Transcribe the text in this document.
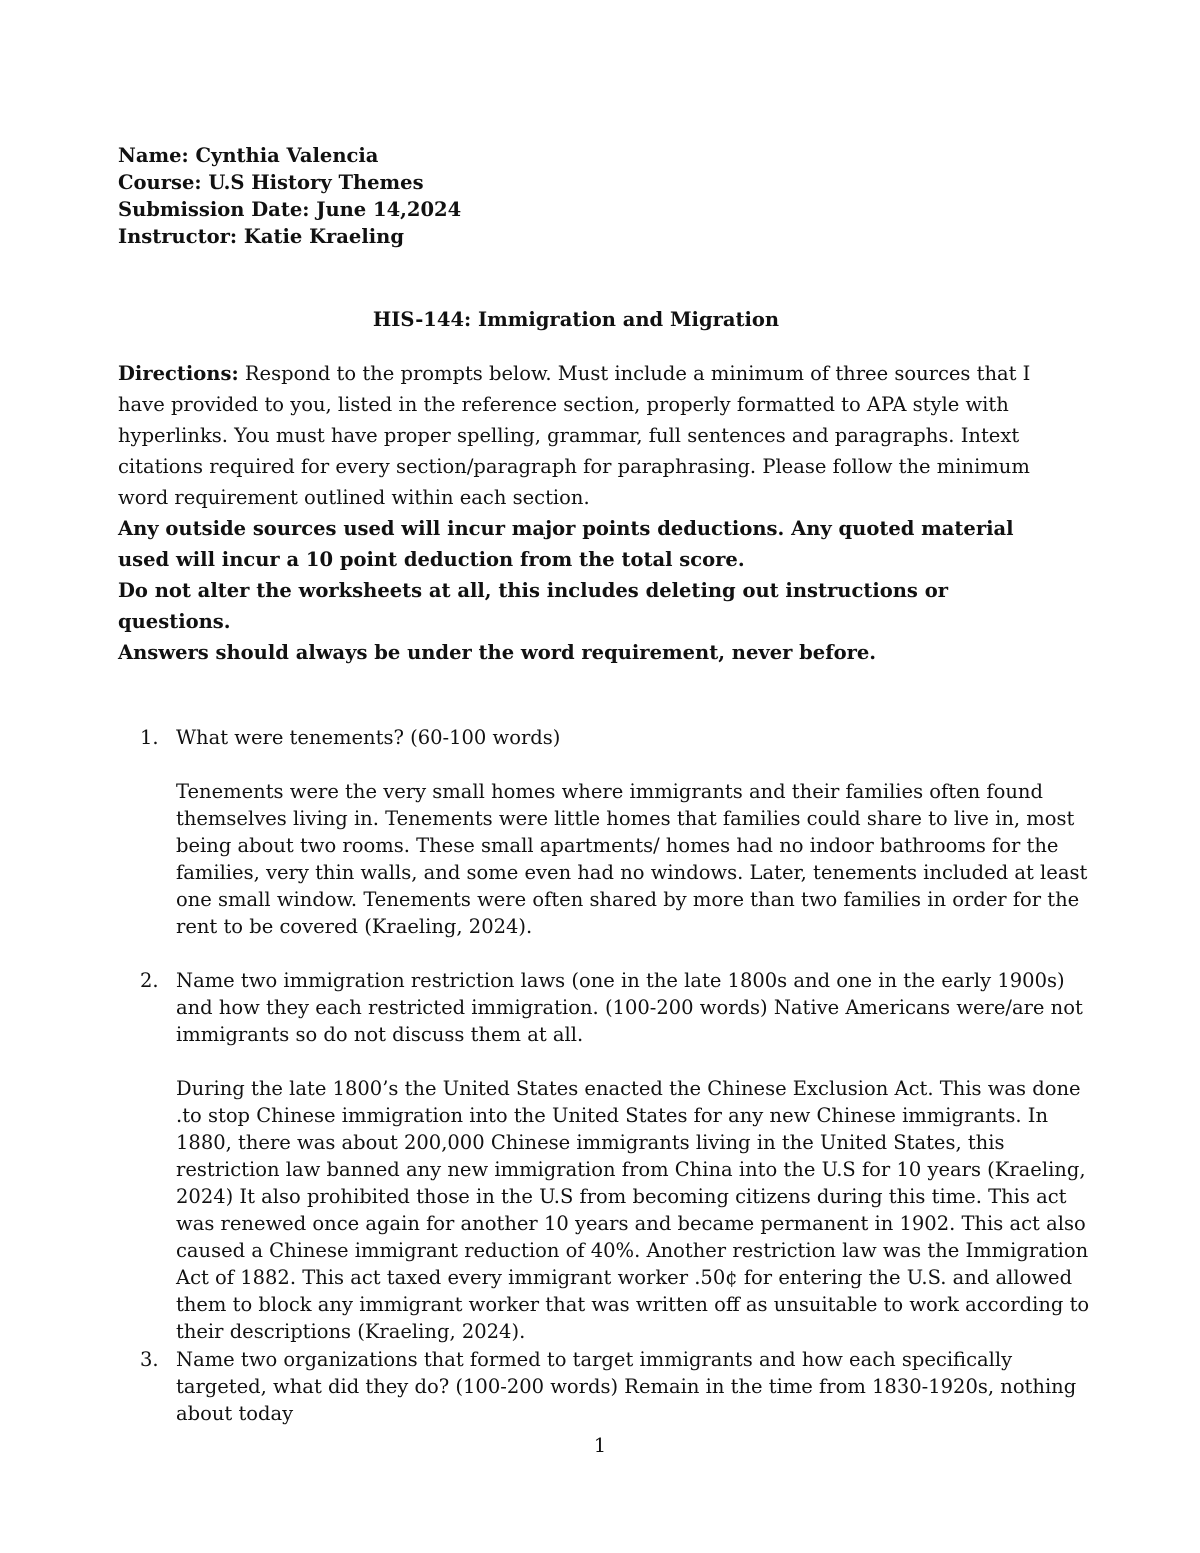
Name: Cynthia Valencia
Course: U.S History Themes
Submission Date: June 14,2024
Instructor: Katie Kraeling
HIS-144: Immigration and Migration
Directions: Respond to the prompts below. Must include a minimum of three sources that I have provided to you, listed in the reference section, properly formatted to APA style with hyperlinks. You must have proper spelling, grammar, full sentences and paragraphs. Intext citations required for every section/paragraph for paraphrasing. Please follow the minimum word requirement outlined within each section.
Any outside sources used will incur major points deductions. Any quoted material used will incur a 10 point deduction from the total score.
Do not alter the worksheets at all, this includes deleting out instructions or questions.
Answers should always be under the word requirement, never before.
1. What were tenements? (60-100 words)
Tenements were the very small homes where immigrants and their families often found themselves living in. Tenements were little homes that families could share to live in, most being about two rooms. These small apartments/ homes had no indoor bathrooms for the families, very thin walls, and some even had no windows. Later, tenements included at least one small window. Tenements were often shared by more than two families in order for the rent to be covered (Kraeling, 2024).
2. Name two immigration restriction laws (one in the late 1800s and one in the early 1900s) and how they each restricted immigration. (100-200 words) Native Americans were/are not immigrants so do not discuss them at all.
During the late 1800’s the United States enacted the Chinese Exclusion Act. This was done .to stop Chinese immigration into the United States for any new Chinese immigrants. In 1880, there was about 200,000 Chinese immigrants living in the United States, this restriction law banned any new immigration from China into the U.S for 10 years (Kraeling, 2024) It also prohibited those in the U.S from becoming citizens during this time. This act was renewed once again for another 10 years and became permanent in 1902. This act also caused a Chinese immigrant reduction of 40%. Another restriction law was the Immigration Act of 1882. This act taxed every immigrant worker .50¢ for entering the U.S. and allowed them to block any immigrant worker that was written off as unsuitable to work according to their descriptions (Kraeling, 2024).
3. Name two organizations that formed to target immigrants and how each specifically targeted, what did they do? (100-200 words) Remain in the time from 1830-1920s, nothing about today
1
